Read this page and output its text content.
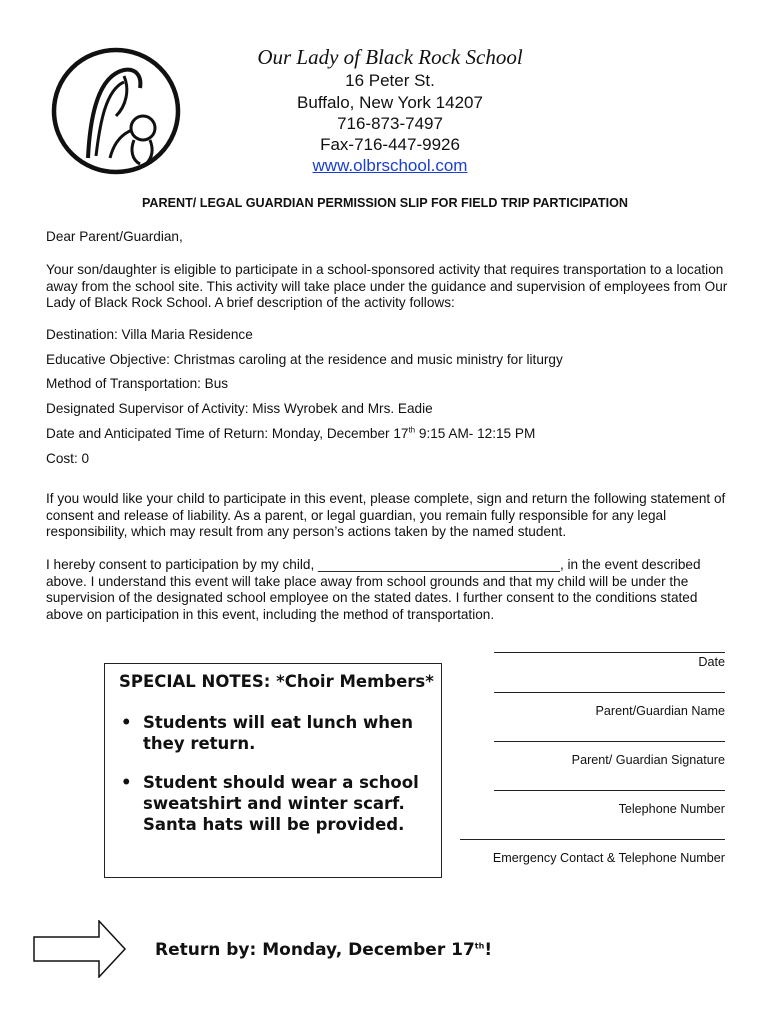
Our Lady of Black Rock School
16 Peter St.
Buffalo, New York 14207
716-873-7497
Fax-716-447-9926
www.olbrschool.com
PARENT/ LEGAL GUARDIAN PERMISSION SLIP FOR FIELD TRIP PARTICIPATION
Dear Parent/Guardian,
Your son/daughter is eligible to participate in a school-sponsored activity that requires transportation to a location away from the school site. This activity will take place under the guidance and supervision of employees from Our Lady of Black Rock School. A brief description of the activity follows:
Destination: Villa Maria Residence
Educative Objective: Christmas caroling at the residence and music ministry for liturgy
Method of Transportation: Bus
Designated Supervisor of Activity: Miss Wyrobek and Mrs. Eadie
Date and Anticipated Time of Return: Monday, December 17th 9:15 AM- 12:15 PM
Cost: 0
If you would like your child to participate in this event, please complete, sign and return the following statement of consent and release of liability. As a parent, or legal guardian, you remain fully responsible for any legal responsibility, which may result from any person’s actions taken by the named student.
I hereby consent to participation by my child, ________________________________, in the event described above. I understand this event will take place away from school grounds and that my child will be under the supervision of the designated school employee on the stated dates. I further consent to the conditions stated above on participation in this event, including the method of transportation.
SPECIAL NOTES: *Choir Members*
• Students will eat lunch when they return.
• Student should wear a school sweatshirt and winter scarf. Santa hats will be provided.
Date
Parent/Guardian Name
Parent/ Guardian Signature
Telephone Number
Emergency Contact & Telephone Number
Return by: Monday, December 17th!
